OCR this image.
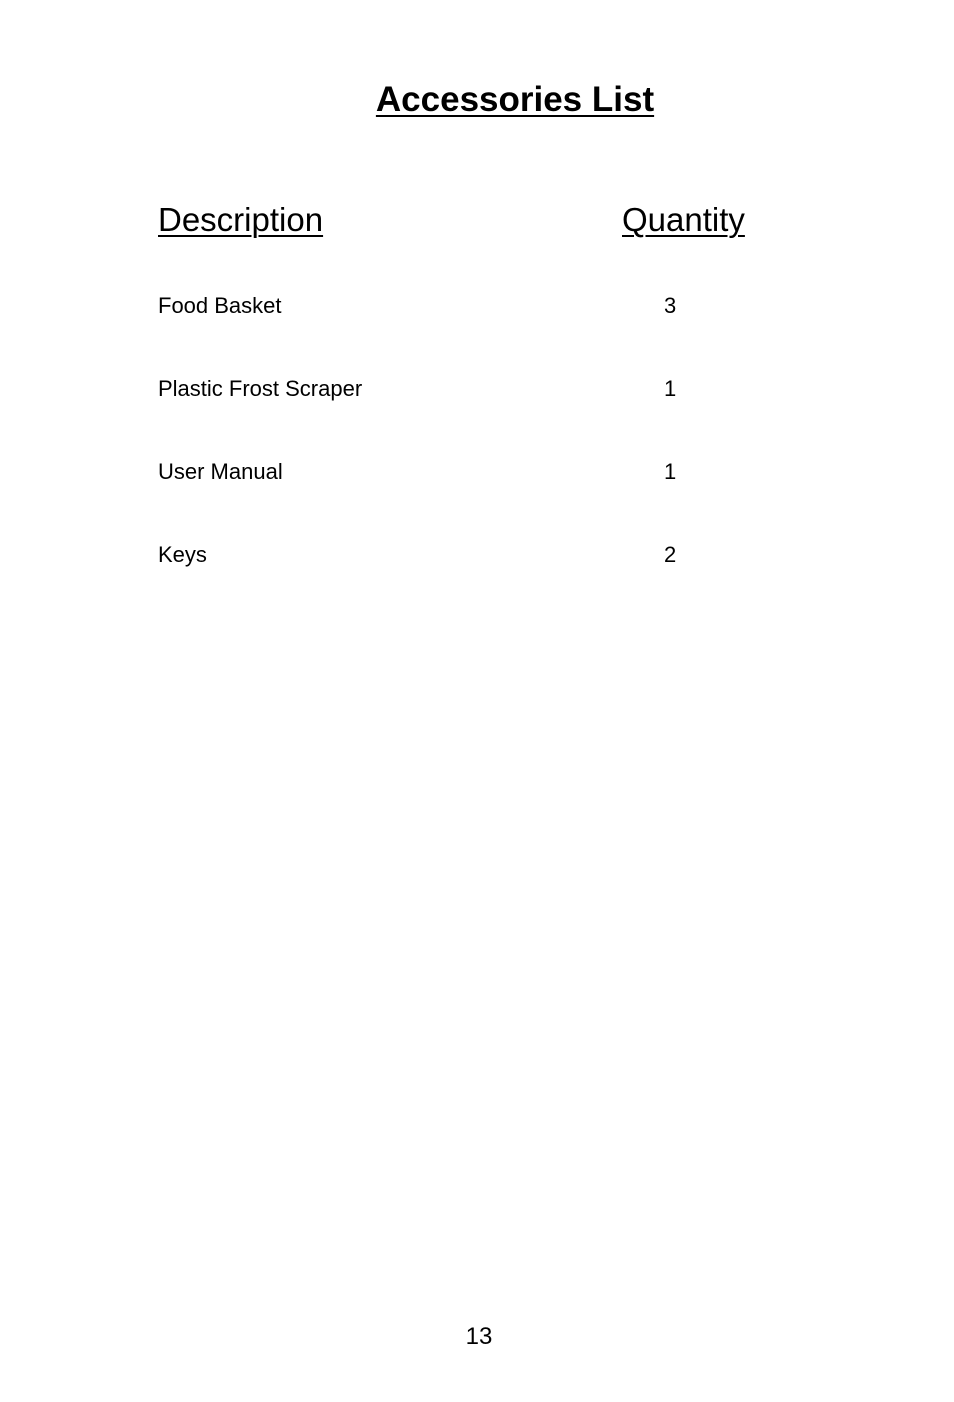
Accessories List
Description	Quantity
Food Basket	3
Plastic Frost Scraper	1
User Manual	1
Keys	2
13
